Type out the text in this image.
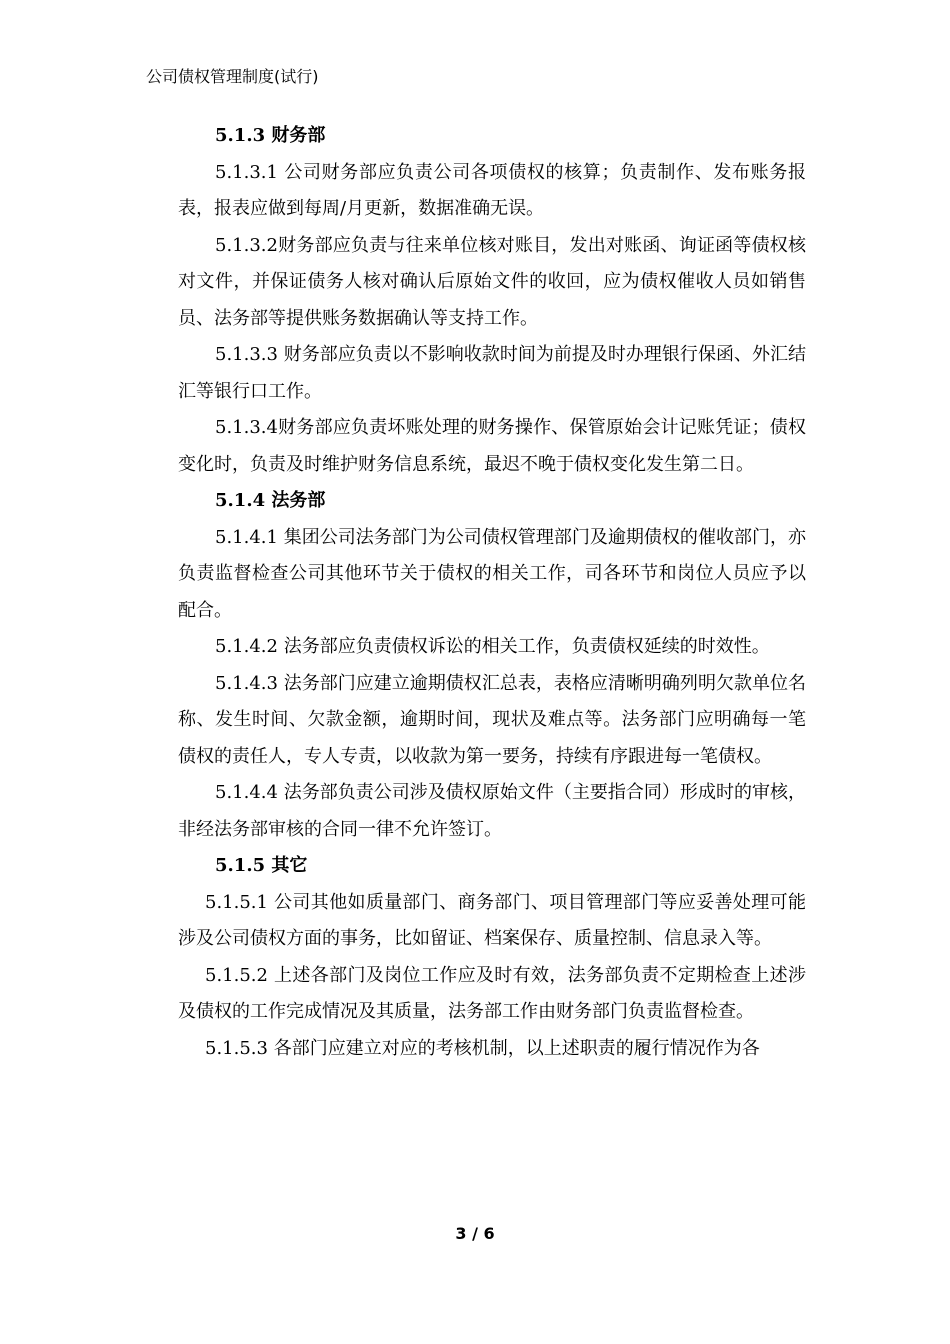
公司债权管理制度(试行)

5.1.3 财务部

5.1.3.1 公司财务部应负责公司各项债权的核算；负责制作、发布账务报表，报表应做到每周/月更新，数据准确无误。

5.1.3.2财务部应负责与往来单位核对账目，发出对账函、询证函等债权核对文件，并保证债务人核对确认后原始文件的收回，应为债权催收人员如销售员、法务部等提供账务数据确认等支持工作。

5.1.3.3 财务部应负责以不影响收款时间为前提及时办理银行保函、外汇结汇等银行口工作。

5.1.3.4财务部应负责坏账处理的财务操作、保管原始会计记账凭证；债权变化时，负责及时维护财务信息系统，最迟不晚于债权变化发生第二日。

5.1.4 法务部

5.1.4.1 集团公司法务部门为公司债权管理部门及逾期债权的催收部门，亦负责监督检查公司其他环节关于债权的相关工作，司各环节和岗位人员应予以配合。

5.1.4.2 法务部应负责债权诉讼的相关工作，负责债权延续的时效性。

5.1.4.3 法务部门应建立逾期债权汇总表，表格应清晰明确列明欠款单位名称、发生时间、欠款金额，逾期时间，现状及难点等。法务部门应明确每一笔债权的责任人，专人专责，以收款为第一要务，持续有序跟进每一笔债权。

5.1.4.4 法务部负责公司涉及债权原始文件（主要指合同）形成时的审核，非经法务部审核的合同一律不允许签订。

5.1.5 其它

5.1.5.1 公司其他如质量部门、商务部门、项目管理部门等应妥善处理可能涉及公司债权方面的事务，比如留证、档案保存、质量控制、信息录入等。

5.1.5.2 上述各部门及岗位工作应及时有效，法务部负责不定期检查上述涉及债权的工作完成情况及其质量，法务部工作由财务部门负责监督检查。

5.1.5.3 各部门应建立对应的考核机制，以上述职责的履行情况作为各

3 / 6
